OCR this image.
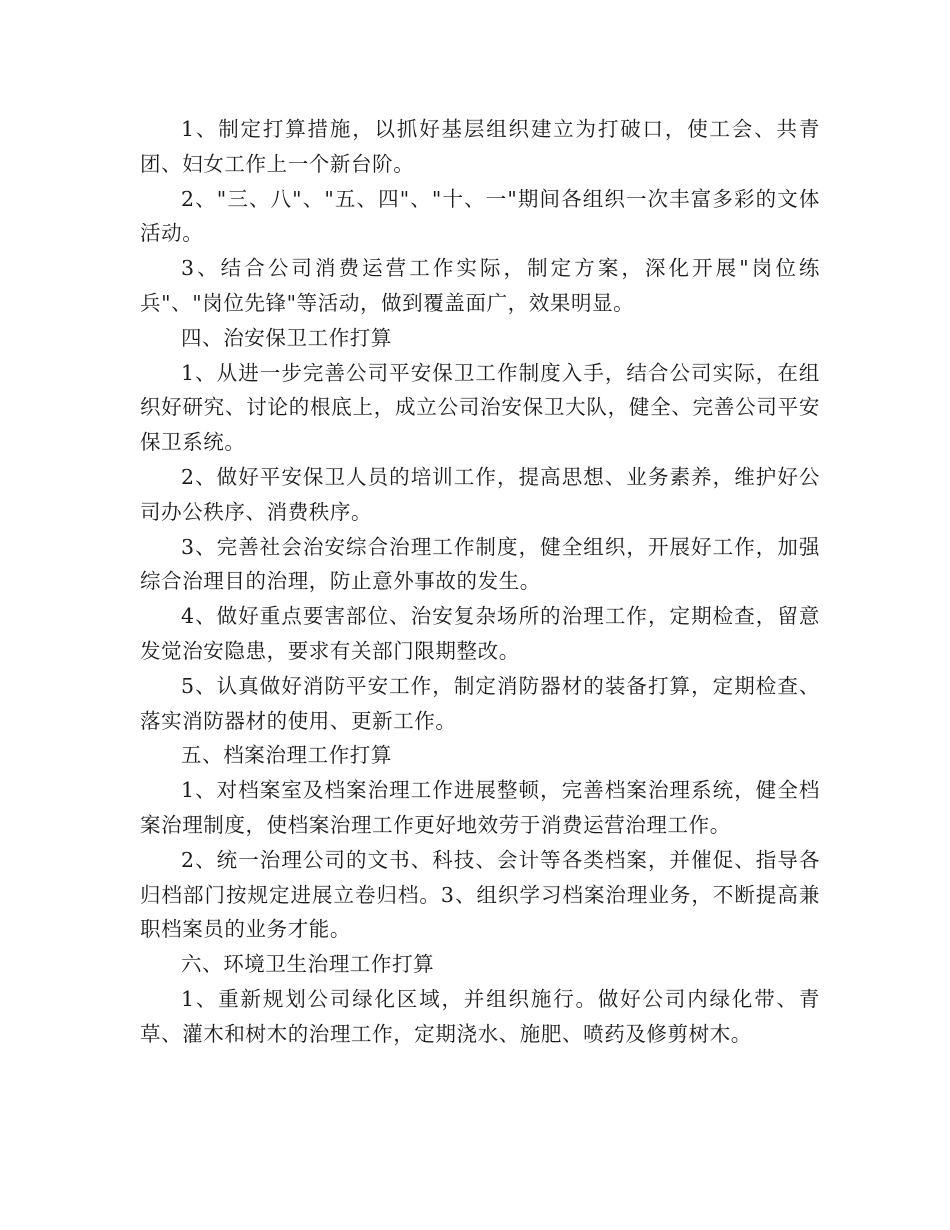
1、制定打算措施，以抓好基层组织建立为打破口，使工会、共青团、妇女工作上一个新台阶。

2、"三、八"、"五、四"、"十、一"期间各组织一次丰富多彩的文体活动。

3、结合公司消费运营工作实际，制定方案，深化开展"岗位练兵"、"岗位先锋"等活动，做到覆盖面广，效果明显。

四、治安保卫工作打算

1、从进一步完善公司平安保卫工作制度入手，结合公司实际，在组织好研究、讨论的根底上，成立公司治安保卫大队，健全、完善公司平安保卫系统。

2、做好平安保卫人员的培训工作，提高思想、业务素养，维护好公司办公秩序、消费秩序。

3、完善社会治安综合治理工作制度，健全组织，开展好工作，加强综合治理目的治理，防止意外事故的发生。

4、做好重点要害部位、治安复杂场所的治理工作，定期检查，留意发觉治安隐患，要求有关部门限期整改。

5、认真做好消防平安工作，制定消防器材的装备打算，定期检查、落实消防器材的使用、更新工作。

五、档案治理工作打算

1、对档案室及档案治理工作进展整顿，完善档案治理系统，健全档案治理制度，使档案治理工作更好地效劳于消费运营治理工作。

2、统一治理公司的文书、科技、会计等各类档案，并催促、指导各归档部门按规定进展立卷归档。3、组织学习档案治理业务，不断提高兼职档案员的业务才能。

六、环境卫生治理工作打算

1、重新规划公司绿化区域，并组织施行。做好公司内绿化带、青草、灌木和树木的治理工作，定期浇水、施肥、喷药及修剪树木。
